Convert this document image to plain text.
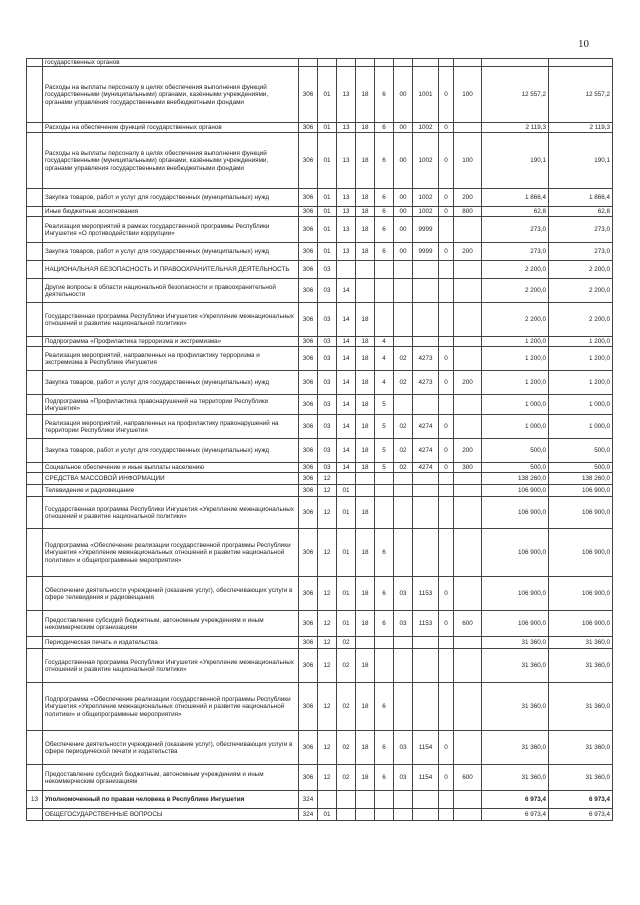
10
	государственных органов											
	Расходы на выплаты персоналу в целях обеспечения выполнения функций государственными (муниципальными) органами, казёнными учреждениями, органами управления государственными внебюджетными фондами	306	01	13	18	6	00	1001	0	100	12 557,2	12 557,2
	Расходы на обеспечение функций государственных органов	306	01	13	18	6	00	1002	0		2 119,3	2 119,3
	Расходы на выплаты персоналу в целях обеспечения выполнения функций государственными (муниципальными) органами, казёнными учреждениями, органами управления государственными внебюджетными фондами	306	01	13	18	6	00	1002	0	100	190,1	190,1
	Закупка товаров, работ и услуг для государственных (муниципальных) нужд	306	01	13	18	6	00	1002	0	200	1 866,4	1 866,4
	Иные бюджетные ассигнования	306	01	13	18	6	00	1002	0	800	62,8	62,8
	Реализация мероприятий в рамках государственной программы Республики Ингушетия «О противодействии коррупции»	306	01	13	18	6	00	9999			273,0	273,0
	Закупка товаров, работ и услуг для государственных (муниципальных) нужд	306	01	13	18	6	00	9999	0	200	273,0	273,0
	НАЦИОНАЛЬНАЯ БЕЗОПАСНОСТЬ И ПРАВООХРАНИТЕЛЬНАЯ ДЕЯТЕЛЬНОСТЬ	306	03								2 200,0	2 200,0
	Другие вопросы в области национальной безопасности и правоохранительной деятельности	306	03	14							2 200,0	2 200,0
	Государственная программа Республики Ингушетия «Укрепление межнациональных отношений и развитие национальной политики»	306	03	14	18						2 200,0	2 200,0
	Подпрограмма «Профилактика терроризма и экстремизма»	306	03	14	18	4					1 200,0	1 200,0
	Реализация мероприятий, направленных на профилактику терроризма и экстремизма в Республике Ингушетия	306	03	14	18	4	02	4273	0		1 200,0	1 200,0
	Закупка товаров, работ и услуг для государственных (муниципальных) нужд	306	03	14	18	4	02	4273	0	200	1 200,0	1 200,0
	Подпрограмма «Профилактика правонарушений на территории Республики Ингушетия»	306	03	14	18	5					1 000,0	1 000,0
	Реализация мероприятий, направленных на профилактику правонарушений на территории Республики Ингушетия	306	03	14	18	5	02	4274	0		1 000,0	1 000,0
	Закупка товаров, работ и услуг для государственных (муниципальных) нужд	306	03	14	18	5	02	4274	0	200	500,0	500,0
	Социальное обеспечение и иные выплаты населению	306	03	14	18	5	02	4274	0	300	500,0	500,0
	СРЕДСТВА МАССОВОЙ ИНФОРМАЦИИ	306	12								138 260,0	138 260,0
	Телевидение и радиовещание	306	12	01							106 900,0	106 900,0
	Государственная программа Республики Ингушетия «Укрепление межнациональных отношений и развитие национальной политики»	306	12	01	18						106 900,0	106 900,0
	Подпрограмма «Обеспечение реализации государственной программы Республики Ингушетия «Укрепление межнациональных отношений и развитие национальной политики» и общепрограммные мероприятия»	306	12	01	18	6					106 900,0	106 900,0
	Обеспечение деятельности учреждений (оказание услуг), обеспечивающих услуги в сфере телевидения и радиовещания	306	12	01	18	6	03	1153	0		106 900,0	106 900,0
	Предоставление субсидий бюджетным, автономным учреждениям и иным некоммерческим организациям	306	12	01	18	6	03	1153	0	600	106 900,0	106 900,0
	Периодическая печать и издательства	306	12	02							31 360,0	31 360,0
	Государственная программа Республики Ингушетия «Укрепление межнациональных отношений и развитие национальной политики»	306	12	02	18						31 360,0	31 360,0
	Подпрограмма «Обеспечение реализации государственной программы Республики Ингушетия «Укрепление межнациональных отношений и развитие национальной политики» и общепрограммные мероприятия»	306	12	02	18	6					31 360,0	31 360,0
	Обеспечение деятельности учреждений (оказание услуг), обеспечивающих услуги в сфере периодической печати и издательства	306	12	02	18	6	03	1154	0		31 360,0	31 360,0
	Предоставление субсидий бюджетным, автономным учреждениям и иным некоммерческим организациям	306	12	02	18	6	03	1154	0	600	31 360,0	31 360,0
13	Уполномоченный по правам человека в Республике Ингушетия	324									6 973,4	6 973,4
	ОБЩЕГОСУДАРСТВЕННЫЕ ВОПРОСЫ	324	01								6 973,4	6 973,4
